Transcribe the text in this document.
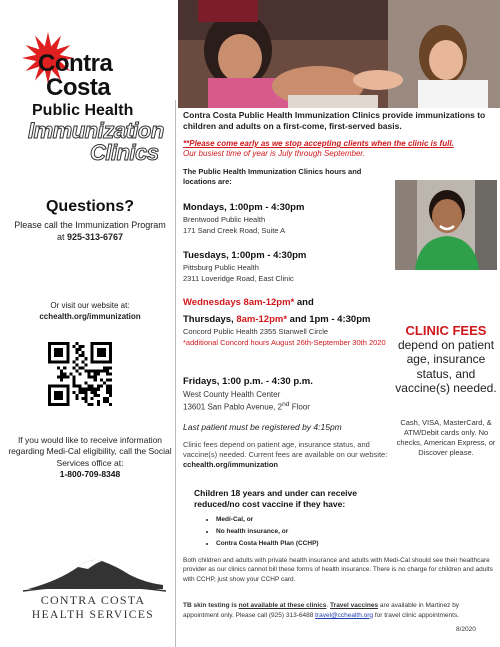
Contra
Costa
Public Health
Immunization
Clinics
Questions?
Please call the Immunization Program at 925-313-6767
Or visit our website at:
cchealth.org/immunization
If you would like to receive information regarding Medi-Cal eligibility, call the Social Services office at:
1-800-709-8348
CONTRA COSTA
HEALTH SERVICES
Contra Costa Public Health Immunization Clinics provide immunizations to children and adults on a first-come, first-served basis.
**Please come early as we stop accepting clients when the clinic is full.
Our busiest time of year is July through September.
The Public Health Immunization Clinics hours and locations are:
Mondays, 1:00pm - 4:30pm
Brentwood Public Health
171 Sand Creek Road, Suite A
Tuesdays, 1:00pm - 4:30pm
Pittsburg Public Health
2311 Loveridge Road, East Clinic
Wednesdays 8am-12pm* and
Thursdays, 8am-12pm* and 1pm - 4:30pm
Concord Public Health 2355 Stanwell Circle
*additional Concord hours August 26th-September 30th 2020
Fridays, 1:00 p.m. - 4:30 p.m.
West County Health Center
13601 San Pablo Avenue, 2nd Floor
Last patient must be registered by 4:15pm
Clinic fees depend on patient age, insurance status, and vaccine(s) needed. Current fees are available on our website: cchealth.org/immunization
Children 18 years and under can receive reduced/no cost vaccine if they have:
• Medi-Cal, or
• No health insurance, or
• Contra Costa Health Plan (CCHP)
CLINIC FEES
depend on patient age, insurance status, and vaccine(s) needed.
Cash, VISA, MasterCard, & ATM/Debit cards only. No checks, American Express, or Discover please.
Both children and adults with private health insurance and adults with Medi-Cal should see their healthcare provider as our clinics cannot bill these forms of health insurance. There is no charge for children and adults with CCHP, just show your CCHP card.
TB skin testing is not available at these clinics. Travel vaccines are available in Martinez by appointment only. Please call (925) 313-6488 travel@cchealth.org for travel clinic appointments.
8/2020
